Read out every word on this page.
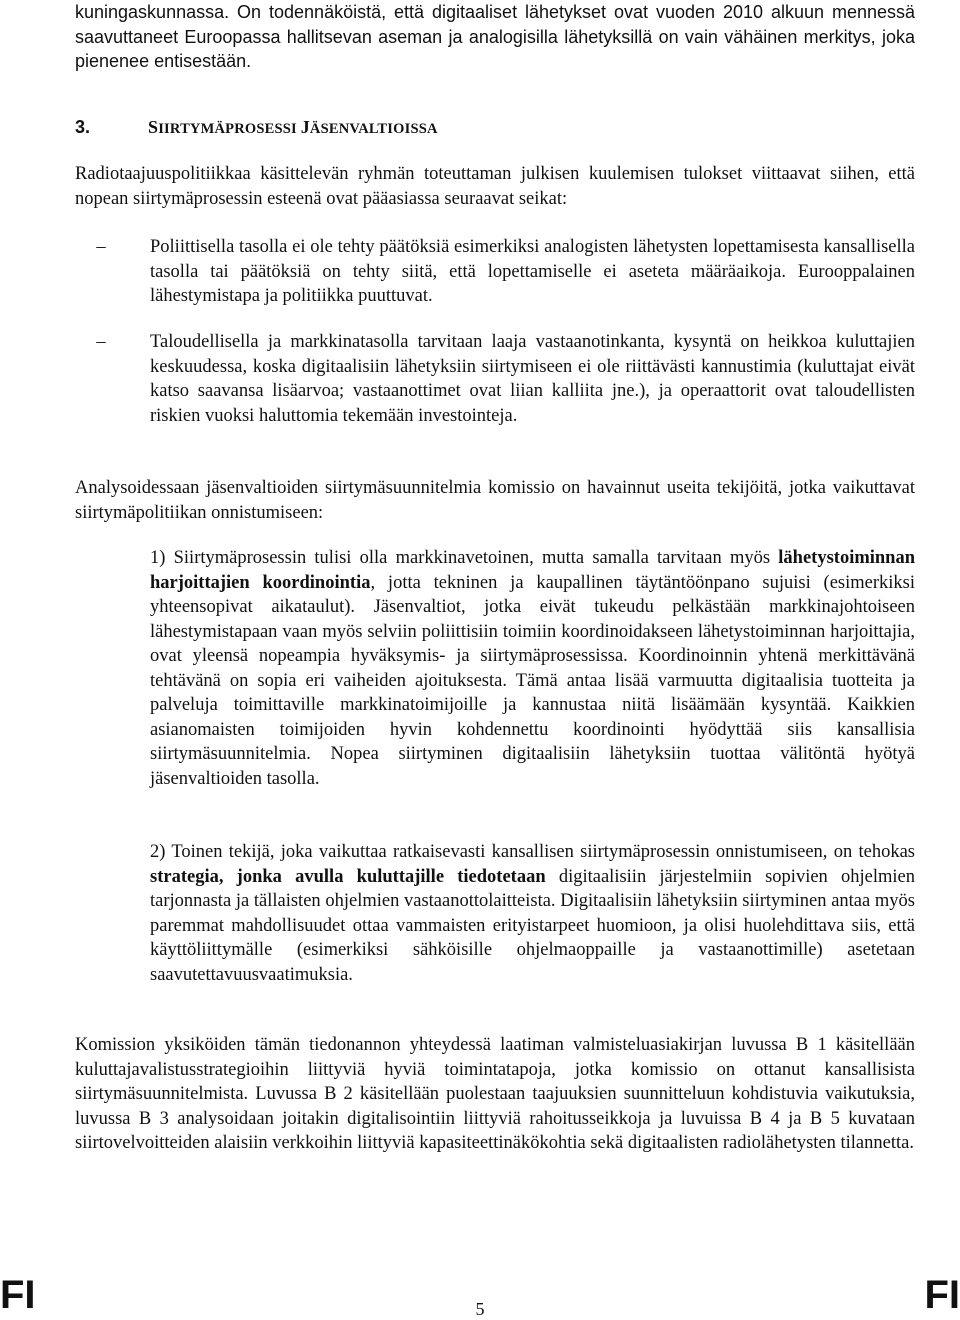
kuningaskunnassa. On todennäköistä, että digitaaliset lähetykset ovat vuoden 2010 alkuun mennessä saavuttaneet Euroopassa hallitsevan aseman ja analogisilla lähetyksillä on vain vähäinen merkitys, joka pienenee entisestään.

3.	SIIRTYMÄPROSESSI JÄSENVALTIOISSA

Radiotaajuuspolitiikkaa käsittelevän ryhmän toteuttaman julkisen kuulemisen tulokset viittaavat siihen, että nopean siirtymäprosessin esteenä ovat pääasiassa seuraavat seikat:

–	Poliittisella tasolla ei ole tehty päätöksiä esimerkiksi analogisten lähetysten lopettamisesta kansallisella tasolla tai päätöksiä on tehty siitä, että lopettamiselle ei aseteta määräaikoja. Eurooppalainen lähestymistapa ja politiikka puuttuvat.
–	Taloudellisella ja markkinatasolla tarvitaan laaja vastaanotinkanta, kysyntä on heikkoa kuluttajien keskuudessa, koska digitaalisiin lähetyksiin siirtymiseen ei ole riittävästi kannustimia (kuluttajat eivät katso saavansa lisäarvoa; vastaanottimet ovat liian kalliita jne.), ja operaattorit ovat taloudellisten riskien vuoksi haluttomia tekemään investointeja.

Analysoidessaan jäsenvaltioiden siirtymäsuunnitelmia komissio on havainnut useita tekijöitä, jotka vaikuttavat siirtymäpolitiikan onnistumiseen:

1) Siirtymäprosessin tulisi olla markkinavetoinen, mutta samalla tarvitaan myös lähetystoiminnan harjoittajien koordinointia, jotta tekninen ja kaupallinen täytäntöönpano sujuisi (esimerkiksi yhteensopivat aikataulut). Jäsenvaltiot, jotka eivät tukeudu pelkästään markkinajohtoiseen lähestymistapaan vaan myös selviin poliittisiin toimiin koordinoidakseen lähetystoiminnan harjoittajia, ovat yleensä nopeampia hyväksymis- ja siirtymäprosessissa. Koordinoinnin yhtenä merkittävänä tehtävänä on sopia eri vaiheiden ajoituksesta. Tämä antaa lisää varmuutta digitaalisia tuotteita ja palveluja toimittaville markkinatoimijoille ja kannustaa niitä lisäämään kysyntää. Kaikkien asianomaisten toimijoiden hyvin kohdennettu koordinointi hyödyttää siis kansallisia siirtymäsuunnitelmia. Nopea siirtyminen digitaalisiin lähetyksiin tuottaa välitöntä hyötyä jäsenvaltioiden tasolla.

2) Toinen tekijä, joka vaikuttaa ratkaisevasti kansallisen siirtymäprosessin onnistumiseen, on tehokas strategia, jonka avulla kuluttajille tiedotetaan digitaalisiin järjestelmiin sopivien ohjelmien tarjonnasta ja tällaisten ohjelmien vastaanottolaitteista. Digitaalisiin lähetyksiin siirtyminen antaa myös paremmat mahdollisuudet ottaa vammaisten erityistarpeet huomioon, ja olisi huolehdittava siis, että käyttöliittymälle (esimerkiksi sähköisille ohjelmaoppaille ja vastaanottimille) asetetaan saavutettavuusvaatimuksia.

Komission yksiköiden tämän tiedonannon yhteydessä laatiman valmisteluasiakirjan luvussa B 1 käsitellään kuluttajavalistusstrategioihin liittyviä hyviä toimintatapoja, jotka komissio on ottanut kansallisista siirtymäsuunnitelmista. Luvussa B 2 käsitellään puolestaan taajuuksien suunnitteluun kohdistuvia vaikutuksia, luvussa B 3 analysoidaan joitakin digitalisointiin liittyviä rahoitusseikkoja ja luvuissa B 4 ja B 5 kuvataan siirtovelvoitteiden alaisiin verkkoihin liittyviä kapasiteettinäkökohtia sekä digitaalisten radiolähetysten tilannetta.

FI	5	FI
